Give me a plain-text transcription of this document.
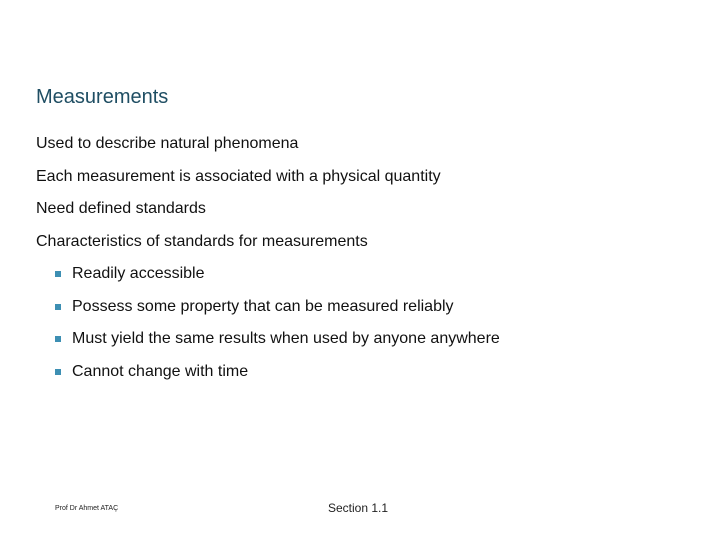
Measurements
Used to describe natural phenomena
Each measurement is associated with a physical quantity
Need defined standards
Characteristics of standards for measurements
Readily accessible
Possess some property that can be measured reliably
Must yield the same results when used by anyone anywhere
Cannot change with time
Prof Dr Ahmet ATAÇ	Section 1.1
